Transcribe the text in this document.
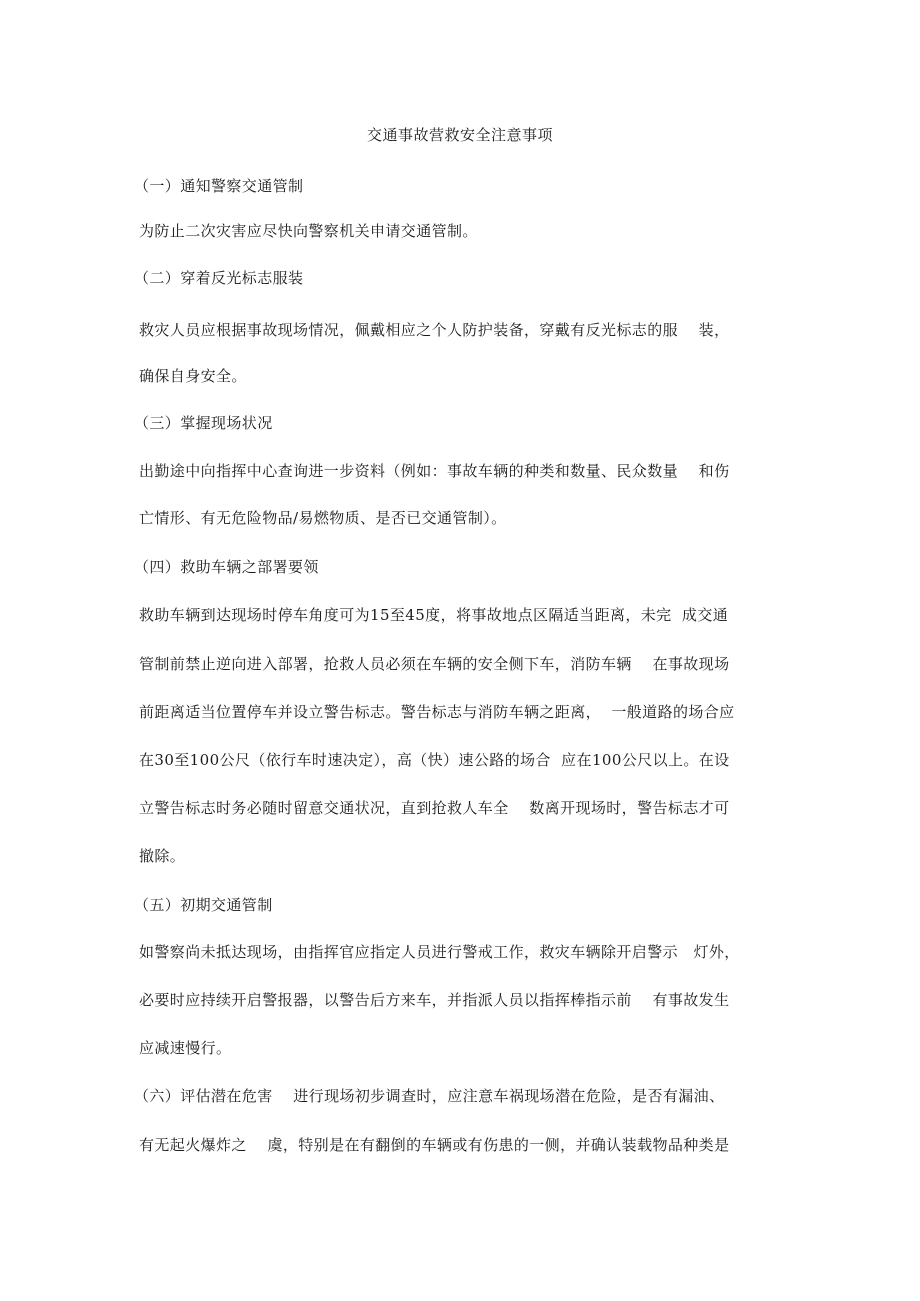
交通事故营救安全注意事项
（一）通知警察交通管制
为防止二次灾害应尽快向警察机关申请交通管制。
（二）穿着反光标志服装
救灾人员应根据事故现场情况，佩戴相应之个人防护装备，穿戴有反光标志的服    装，
确保自身安全。
（三）掌握现场状况
出勤途中向指挥中心查询进一步资料（例如：事故车辆的种类和数量、民众数量    和伤
亡情形、有无危险物品/易燃物质、是否已交通管制）。
（四）救助车辆之部署要领
救助车辆到达现场时停车角度可为15至45度，将事故地点区隔适当距离，未完  成交通
管制前禁止逆向进入部署，抢救人员必须在车辆的安全侧下车，消防车辆    在事故现场
前距离适当位置停车并设立警告标志。警告标志与消防车辆之距离，  一般道路的场合应
在30至100公尺（依行车时速决定），高（快）速公路的场合  应在100公尺以上。在设
立警告标志时务必随时留意交通状况，直到抢救人车全    数离开现场时，警告标志才可
撤除。
（五）初期交通管制
如警察尚未抵达现场，由指挥官应指定人员进行警戒工作，救灾车辆除开启警示   灯外，
必要时应持续开启警报器，以警告后方来车，并指派人员以指挥棒指示前    有事故发生
应减速慢行。
（六）评估潜在危害    进行现场初步调查时，应注意车祸现场潜在危险，是否有漏油、
有无起火爆炸之    虞，特别是在有翻倒的车辆或有伤患的一侧，并确认装载物品种类是
